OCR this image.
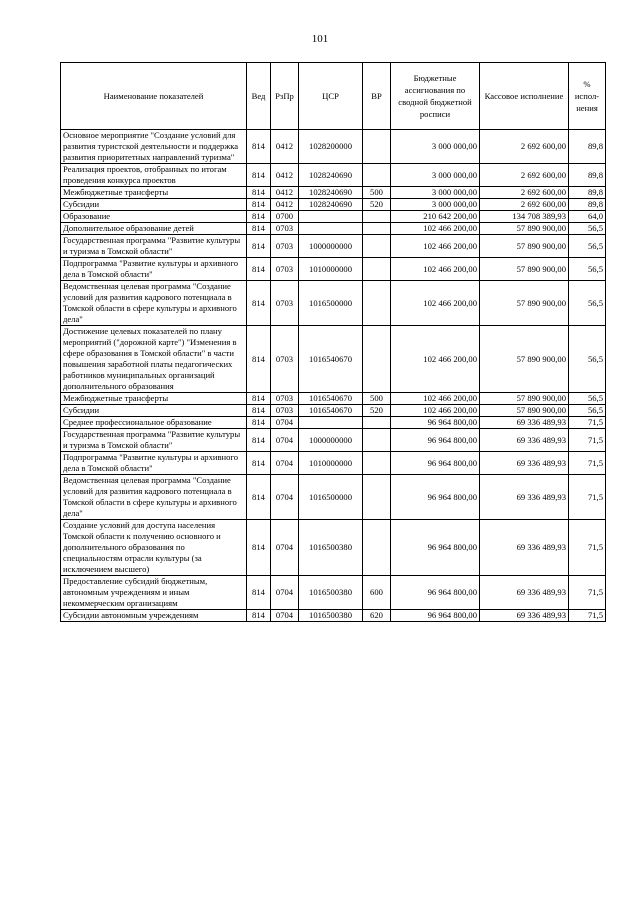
101
Наименование показателей	Вед	РзПр	ЦСР	ВР	Бюджетные ассигнования по сводной бюджетной росписи	Кассовое исполнение	% испол-нения
Основное мероприятие "Создание условий для развития туристской деятельности и поддержка развития приоритетных направлений туризма"	814	0412	1028200000		3 000 000,00	2 692 600,00	89,8
Реализация проектов, отобранных по итогам проведения конкурса проектов	814	0412	1028240690		3 000 000,00	2 692 600,00	89,8
Межбюджетные трансферты	814	0412	1028240690	500	3 000 000,00	2 692 600,00	89,8
Субсидии	814	0412	1028240690	520	3 000 000,00	2 692 600,00	89,8
Образование	814	0700			210 642 200,00	134 708 389,93	64,0
Дополнительное образование детей	814	0703			102 466 200,00	57 890 900,00	56,5
Государственная программа "Развитие культуры и туризма в Томской области"	814	0703	1000000000		102 466 200,00	57 890 900,00	56,5
Подпрограмма "Развитие культуры и архивного дела в Томской области"	814	0703	1010000000		102 466 200,00	57 890 900,00	56,5
Ведомственная целевая программа "Создание условий для развития кадрового потенциала в Томской области в сфере культуры и архивного дела"	814	0703	1016500000		102 466 200,00	57 890 900,00	56,5
Достижение целевых показателей по плану мероприятий ("дорожной карте") "Изменения в сфере образования в Томской области" в части повышения заработной платы педагогических работников муниципальных организаций дополнительного образования	814	0703	1016540670		102 466 200,00	57 890 900,00	56,5
Межбюджетные трансферты	814	0703	1016540670	500	102 466 200,00	57 890 900,00	56,5
Субсидии	814	0703	1016540670	520	102 466 200,00	57 890 900,00	56,5
Среднее профессиональное образование	814	0704			96 964 800,00	69 336 489,93	71,5
Государственная программа "Развитие культуры и туризма в Томской области"	814	0704	1000000000		96 964 800,00	69 336 489,93	71,5
Подпрограмма "Развитие культуры и архивного дела в Томской области"	814	0704	1010000000		96 964 800,00	69 336 489,93	71,5
Ведомственная целевая программа "Создание условий для развития кадрового потенциала в Томской области в сфере культуры и архивного дела"	814	0704	1016500000		96 964 800,00	69 336 489,93	71,5
Создание условий для доступа населения Томской области к получению основного и дополнительного образования по специальностям отрасли культуры (за исключением высшего)	814	0704	1016500380		96 964 800,00	69 336 489,93	71,5
Предоставление субсидий бюджетным, автономным учреждениям и иным некоммерческим организациям	814	0704	1016500380	600	96 964 800,00	69 336 489,93	71,5
Субсидии автономным учреждениям	814	0704	1016500380	620	96 964 800,00	69 336 489,93	71,5
